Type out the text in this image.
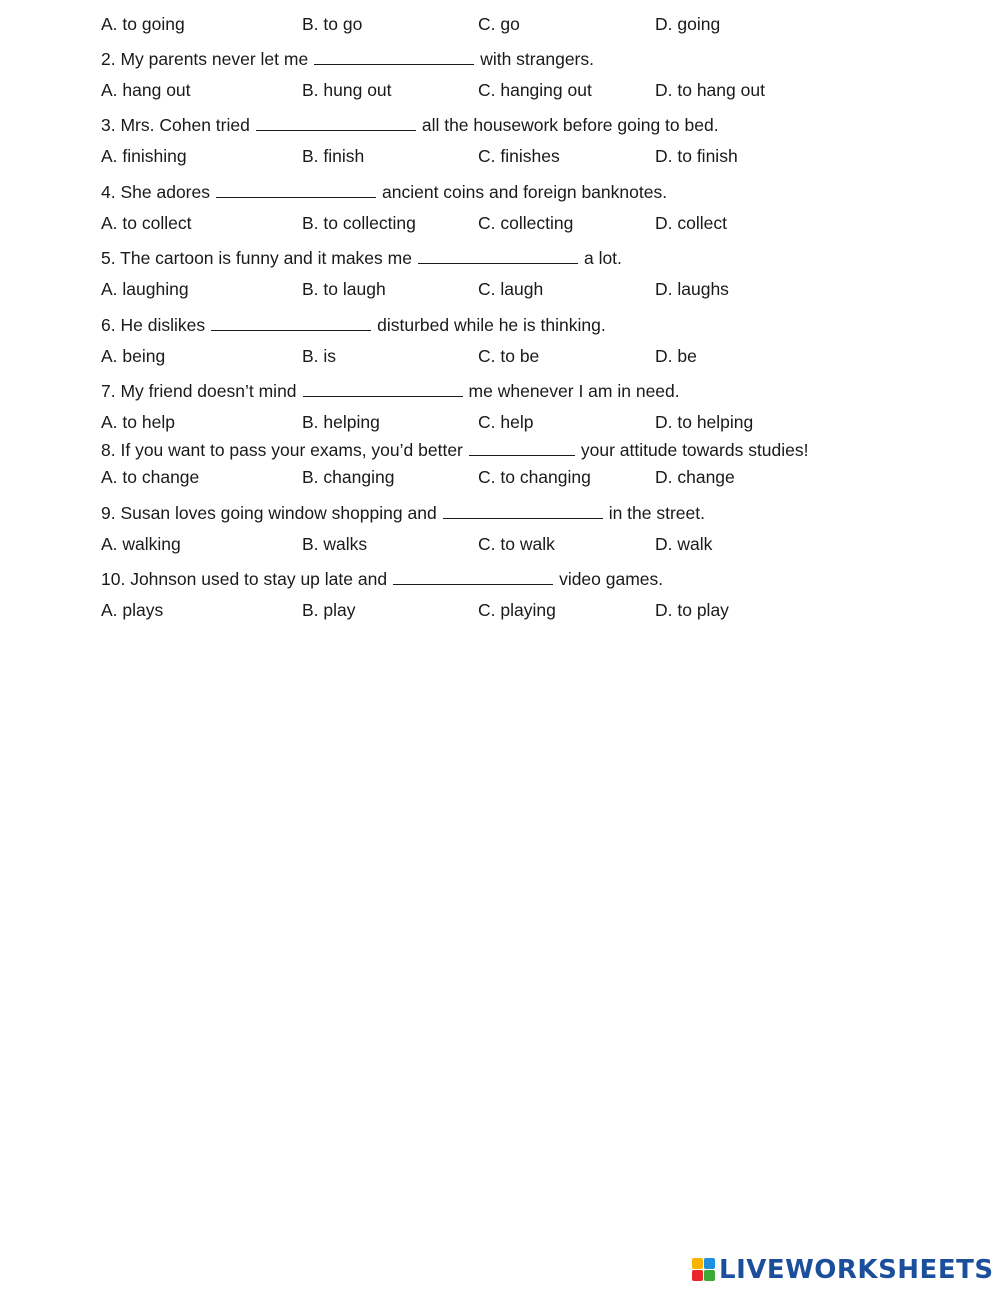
A. to going	B. to go	C. go	D. going
2. My parents never let me	with strangers.
A. hang out	B. hung out	C. hanging out	D. to hang out
3. Mrs. Cohen tried	all the housework before going to bed.
A. finishing	B. finish	C. finishes	D. to finish
4. She adores	ancient coins and foreign banknotes.
A. to collect	B. to collecting	C. collecting	D. collect
5. The cartoon is funny and it makes me	a lot.
A. laughing	B. to laugh	C. laugh	D. laughs
6. He dislikes	disturbed while he is thinking.
A. being	B. is	C. to be	D. be
7. My friend doesn’t mind	me whenever I am in need.
A. to help	B. helping	C. help	D. to helping
8. If you want to pass your exams, you’d better	your attitude towards studies!
A. to change	B. changing	C. to changing	D. change
9. Susan loves going window shopping and	in the street.
A. walking	B. walks	C. to walk	D. walk
10. Johnson used to stay up late and	video games.
A. plays	B. play	C. playing	D. to play
LIVEWORKSHEETS
